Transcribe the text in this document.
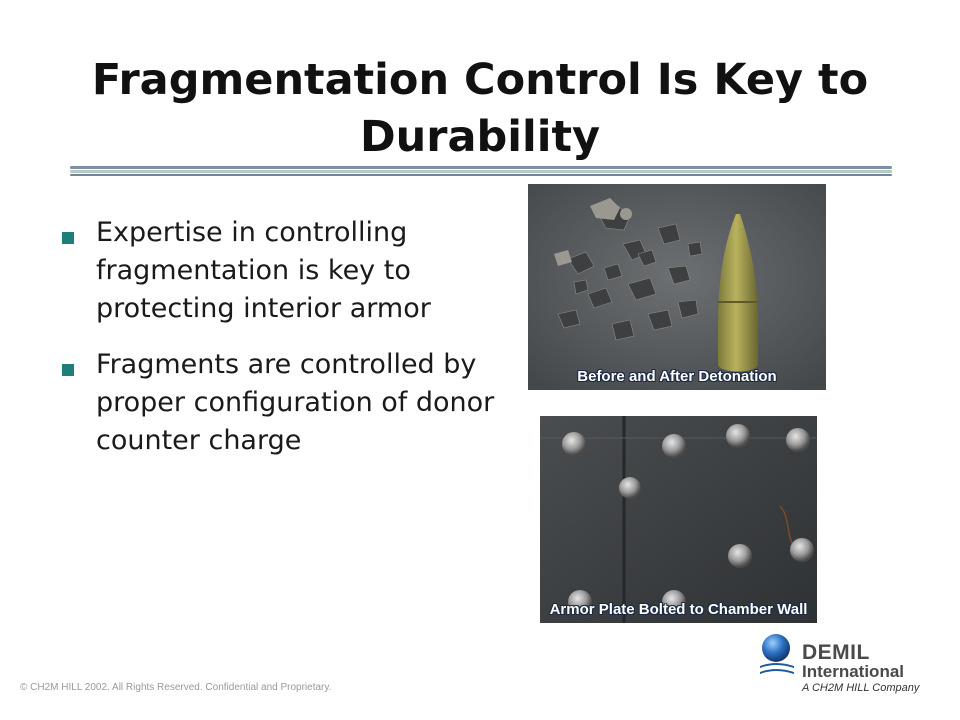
Fragmentation Control Is Key to Durability
Expertise in controlling fragmentation is key to protecting interior armor
Fragments are controlled by proper configuration of donor counter charge
Before and After Detonation
Armor Plate Bolted to Chamber Wall
DEMIL
International
A CH2M HILL Company
© CH2M HILL 2002. All Rights Reserved. Confidential and Proprietary.
